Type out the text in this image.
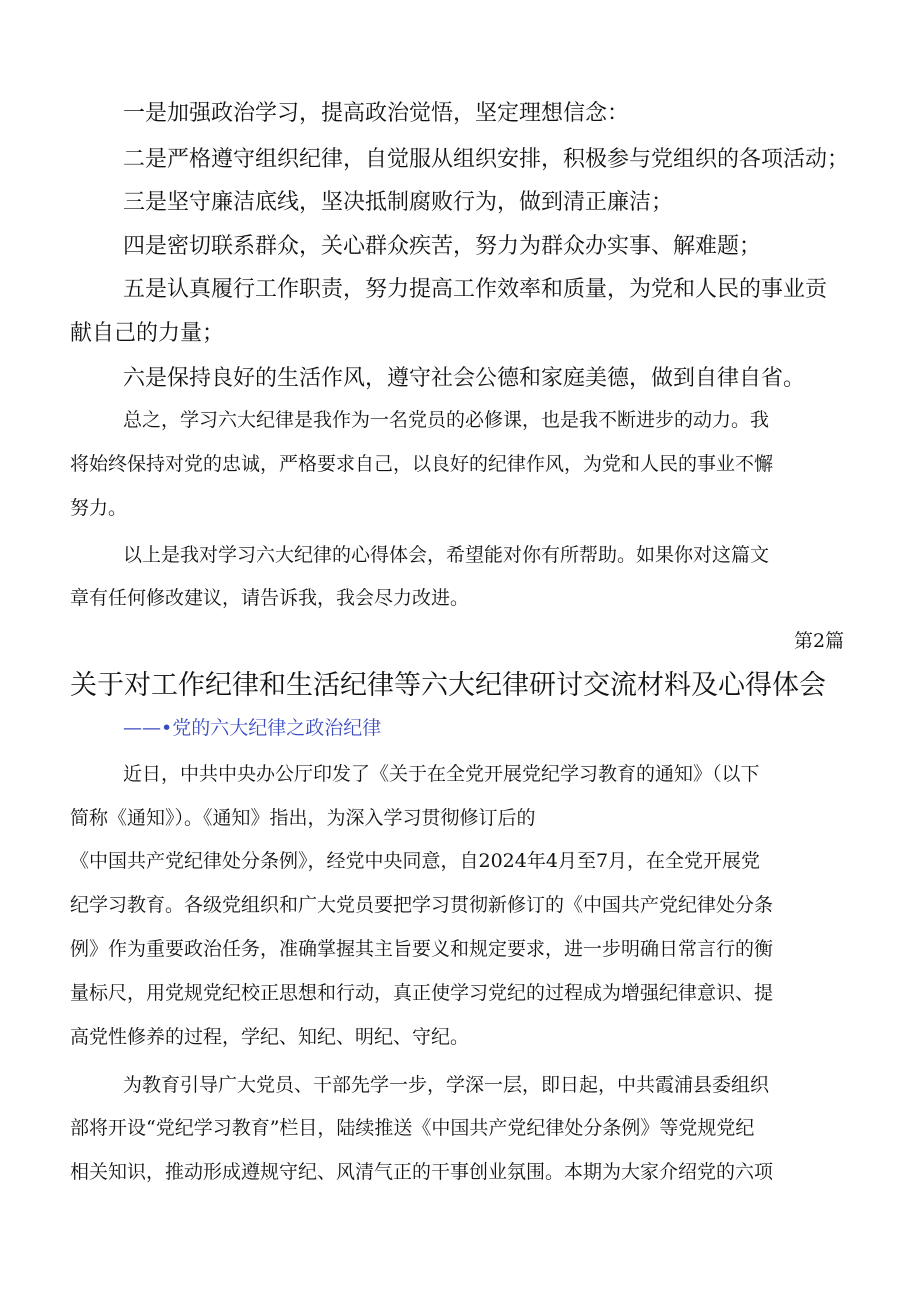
一是加强政治学习，提高政治觉悟，坚定理想信念：

二是严格遵守组织纪律，自觉服从组织安排，积极参与党组织的各项活动；

三是坚守廉洁底线，坚决抵制腐败行为，做到清正廉洁；

四是密切联系群众，关心群众疾苦，努力为群众办实事、解难题；

五是认真履行工作职责，努力提高工作效率和质量，为党和人民的事业贡

献自己的力量；

六是保持良好的生活作风，遵守社会公德和家庭美德，做到自律自省。

总之，学习六大纪律是我作为一名党员的必修课，也是我不断进步的动力。我

将始终保持对党的忠诚，严格要求自己，以良好的纪律作风，为党和人民的事业不懈

努力。

以上是我对学习六大纪律的心得体会，希望能对你有所帮助。如果你对这篇文

章有任何修改建议，请告诉我，我会尽力改进。

第2篇

关于对工作纪律和生活纪律等六大纪律研讨交流材料及心得体会

——•党的六大纪律之政治纪律

近日，中共中央办公厅印发了《关于在全党开展党纪学习教育的通知》（以下

简称《通知》）。《通知》指出，为深入学习贯彻修订后的

《中国共产党纪律处分条例》，经党中央同意，自2024年4月至7月，在全党开展党

纪学习教育。各级党组织和广大党员要把学习贯彻新修订的《中国共产党纪律处分条

例》作为重要政治任务，准确掌握其主旨要义和规定要求，进一步明确日常言行的衡

量标尺，用党规党纪校正思想和行动，真正使学习党纪的过程成为增强纪律意识、提

高党性修养的过程，学纪、知纪、明纪、守纪。

为教育引导广大党员、干部先学一步，学深一层，即日起，中共霞浦县委组织

部将开设“党纪学习教育”栏目，陆续推送《中国共产党纪律处分条例》等党规党纪

相关知识，推动形成遵规守纪、风清气正的干事创业氛围。本期为大家介绍党的六项
